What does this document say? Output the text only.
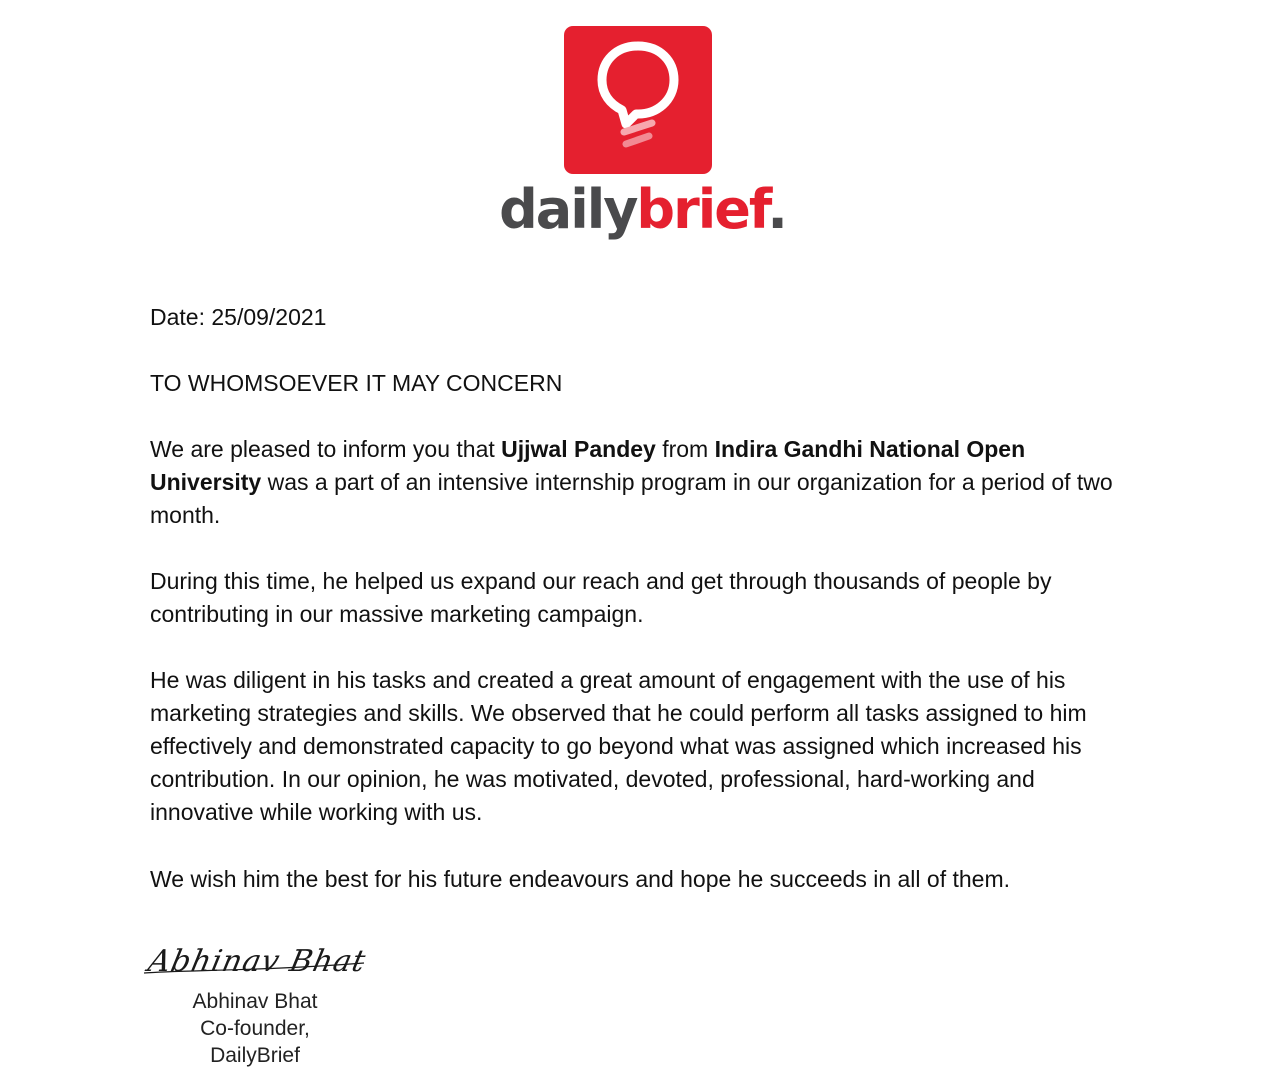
dailybrief.

Date: 25/09/2021

TO WHOMSOEVER IT MAY CONCERN

We are pleased to inform you that Ujjwal Pandey from Indira Gandhi National Open University was a part of an intensive internship program in our organization for a period of two month.

During this time, he helped us expand our reach and get through thousands of people by contributing in our massive marketing campaign.

He was diligent in his tasks and created a great amount of engagement with the use of his marketing strategies and skills. We observed that he could perform all tasks assigned to him effectively and demonstrated capacity to go beyond what was assigned which increased his contribution. In our opinion, he was motivated, devoted, professional, hard-working and innovative while working with us.

We wish him the best for his future endeavours and hope he succeeds in all of them.

Abhinav Bhat
Abhinav Bhat
Co-founder,
DailyBrief
